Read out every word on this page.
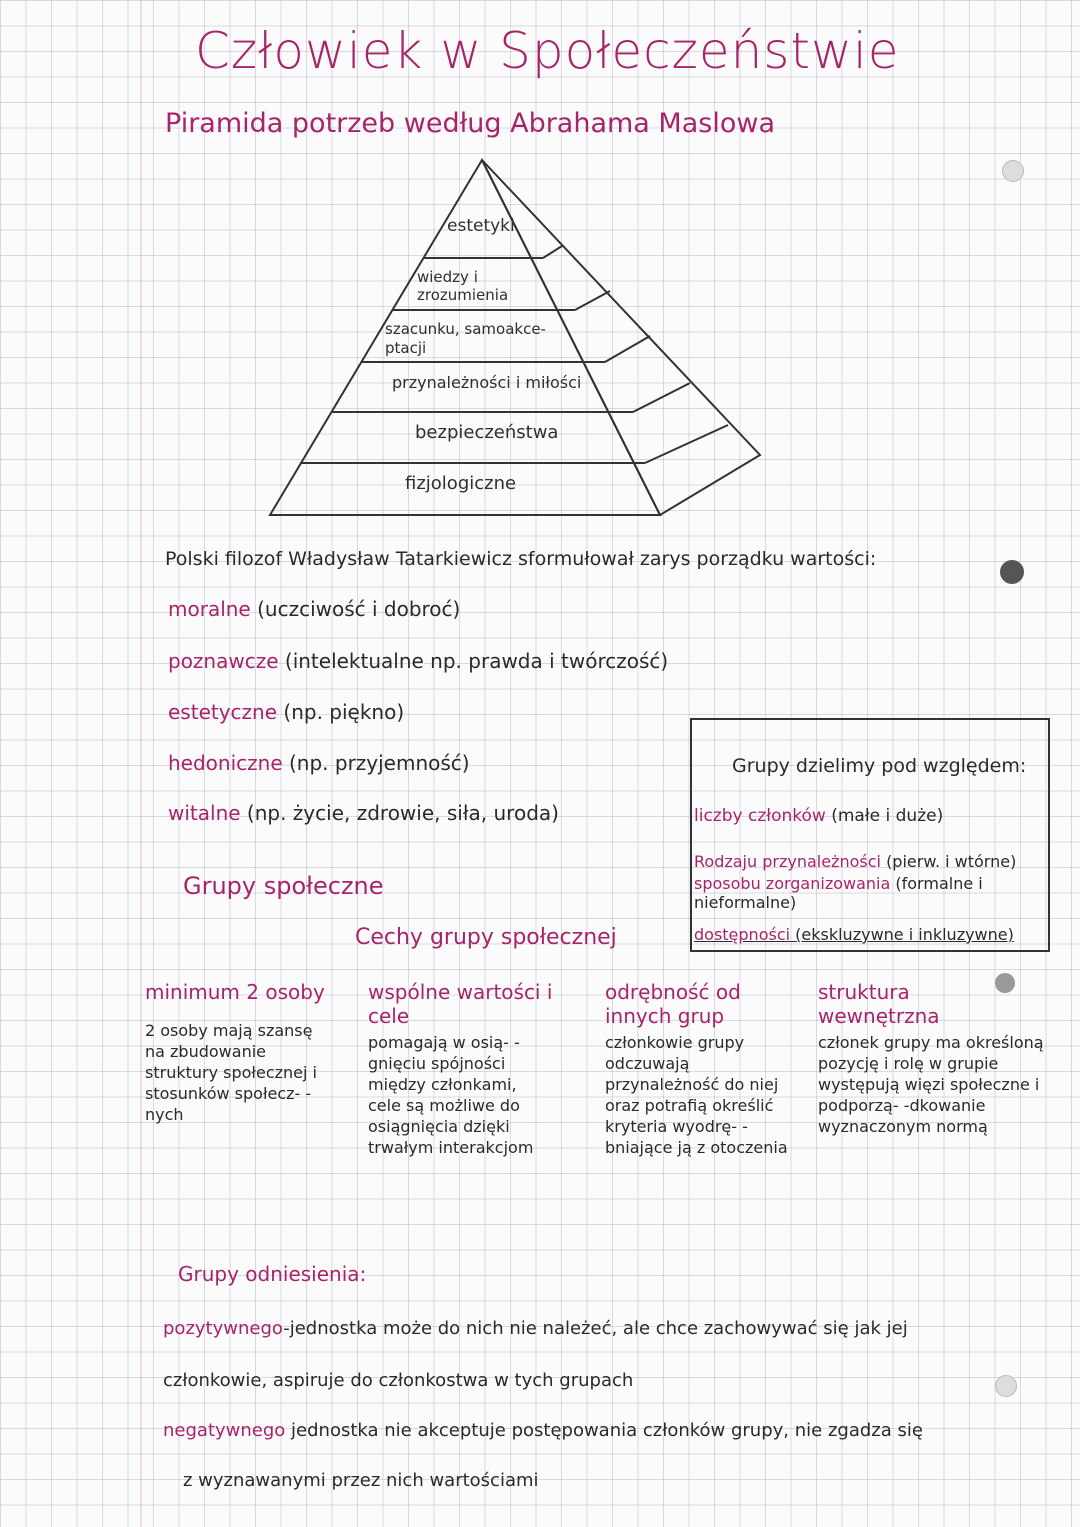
Człowiek w Społeczeństwie
Piramida potrzeb według Abrahama Maslowa
estetyki
wiedzy i zrozumienia
szacunku, samoakce-ptacji
przynależności i miłości
bezpieczeństwa
fizjologiczne
Polski filozof Władysław Tatarkiewicz sformułował zarys porządku wartości:
moralne (uczciwość i dobroć)
poznawcze (intelektualne np. prawda i twórczość)
estetyczne (np. piękno)
hedoniczne (np. przyjemność)
witalne (np. życie, zdrowie, siła, uroda)
Grupy dzielimy pod względem:
liczby członków (małe i duże)
Rodzaju przynależności (pierw. i wtórne)
sposobu zorganizowania (formalne i nieformalne)
dostępności (ekskluzywne i inkluzywne)
Grupy społeczne
Cechy grupy społecznej
minimum 2 osoby
2 osoby mają szansę na zbudowanie struktury społecznej i stosunków społecz- -nych
wspólne wartości i cele
pomagają w osią- -gnięciu spójności między członkami, cele są możliwe do osiągnięcia dzięki trwałym interakcjom
odrębność od innych grup
członkowie grupy odczuwają przynależność do niej oraz potrafią określić kryteria wyodrę- -bniające ją z otoczenia
struktura wewnętrzna
członek grupy ma określoną pozycję i rolę w grupie występują więzi społeczne i podporzą- -dkowanie wyznaczonym normą
Grupy odniesienia:
pozytywnego-jednostka może do nich nie należeć, ale chce zachowywać się jak jej
członkowie, aspiruje do członkostwa w tych grupach
negatywnego jednostka nie akceptuje postępowania członków grupy, nie zgadza się
z wyznawanymi przez nich wartościami
